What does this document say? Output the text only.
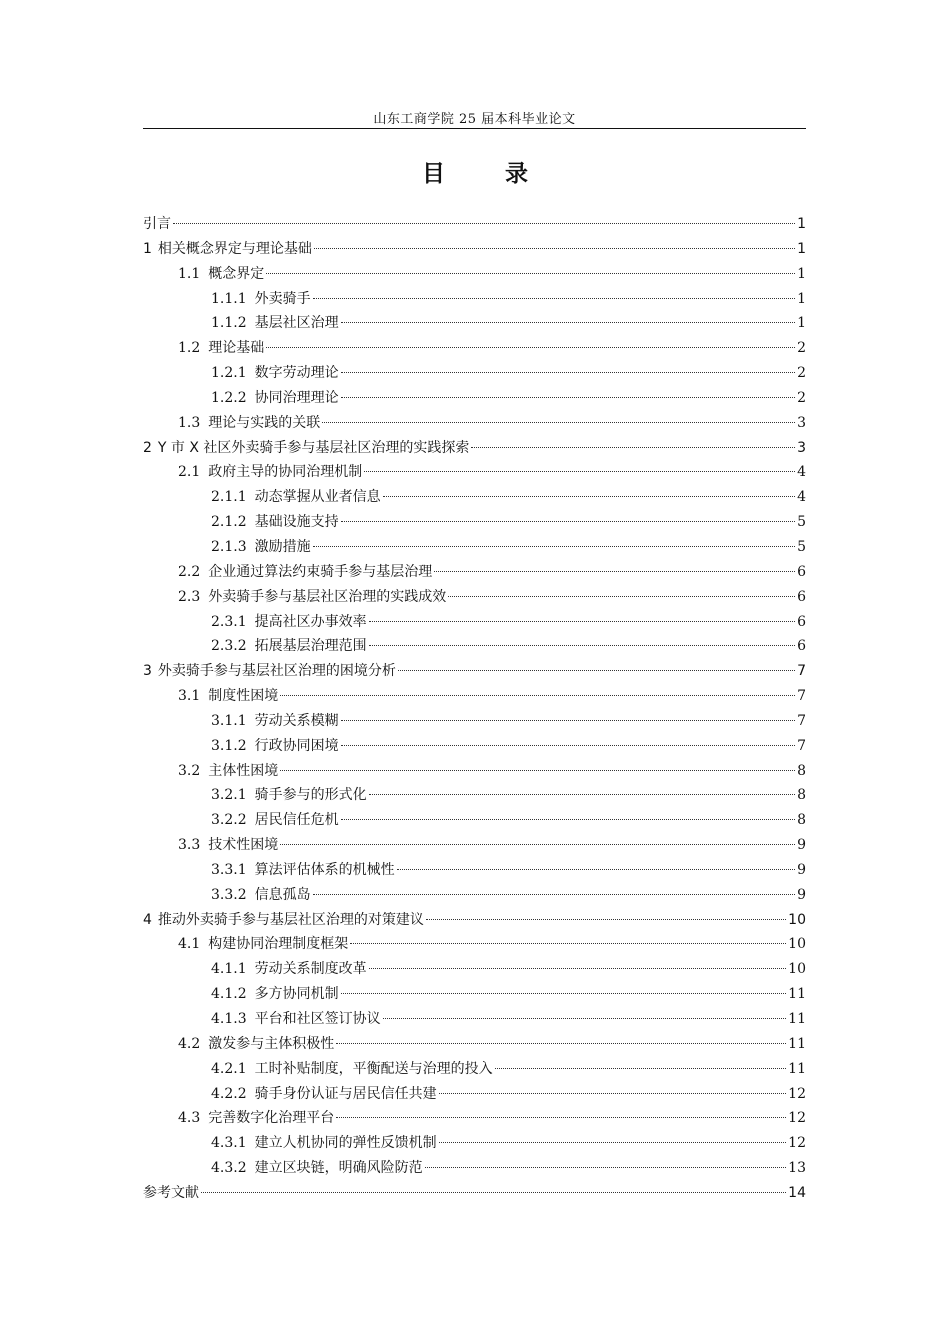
山东工商学院 25 届本科毕业论文
目 录
引言	1
1 相关概念界定与理论基础	1
1.1 概念界定	1
1.1.1 外卖骑手	1
1.1.2 基层社区治理	1
1.2 理论基础	2
1.2.1 数字劳动理论	2
1.2.2 协同治理理论	2
1.3 理论与实践的关联	3
2 Y 市 X 社区外卖骑手参与基层社区治理的实践探索	3
2.1 政府主导的协同治理机制	4
2.1.1 动态掌握从业者信息	4
2.1.2 基础设施支持	5
2.1.3 激励措施	5
2.2 企业通过算法约束骑手参与基层治理	6
2.3 外卖骑手参与基层社区治理的实践成效	6
2.3.1 提高社区办事效率	6
2.3.2 拓展基层治理范围	6
3 外卖骑手参与基层社区治理的困境分析	7
3.1 制度性困境	7
3.1.1 劳动关系模糊	7
3.1.2 行政协同困境	7
3.2 主体性困境	8
3.2.1 骑手参与的形式化	8
3.2.2 居民信任危机	8
3.3 技术性困境	9
3.3.1 算法评估体系的机械性	9
3.3.2 信息孤岛	9
4 推动外卖骑手参与基层社区治理的对策建议	10
4.1 构建协同治理制度框架	10
4.1.1 劳动关系制度改革	10
4.1.2 多方协同机制	11
4.1.3 平台和社区签订协议	11
4.2 激发参与主体积极性	11
4.2.1 工时补贴制度，平衡配送与治理的投入	11
4.2.2 骑手身份认证与居民信任共建	12
4.3 完善数字化治理平台	12
4.3.1 建立人机协同的弹性反馈机制	12
4.3.2 建立区块链，明确风险防范	13
参考文献	14
